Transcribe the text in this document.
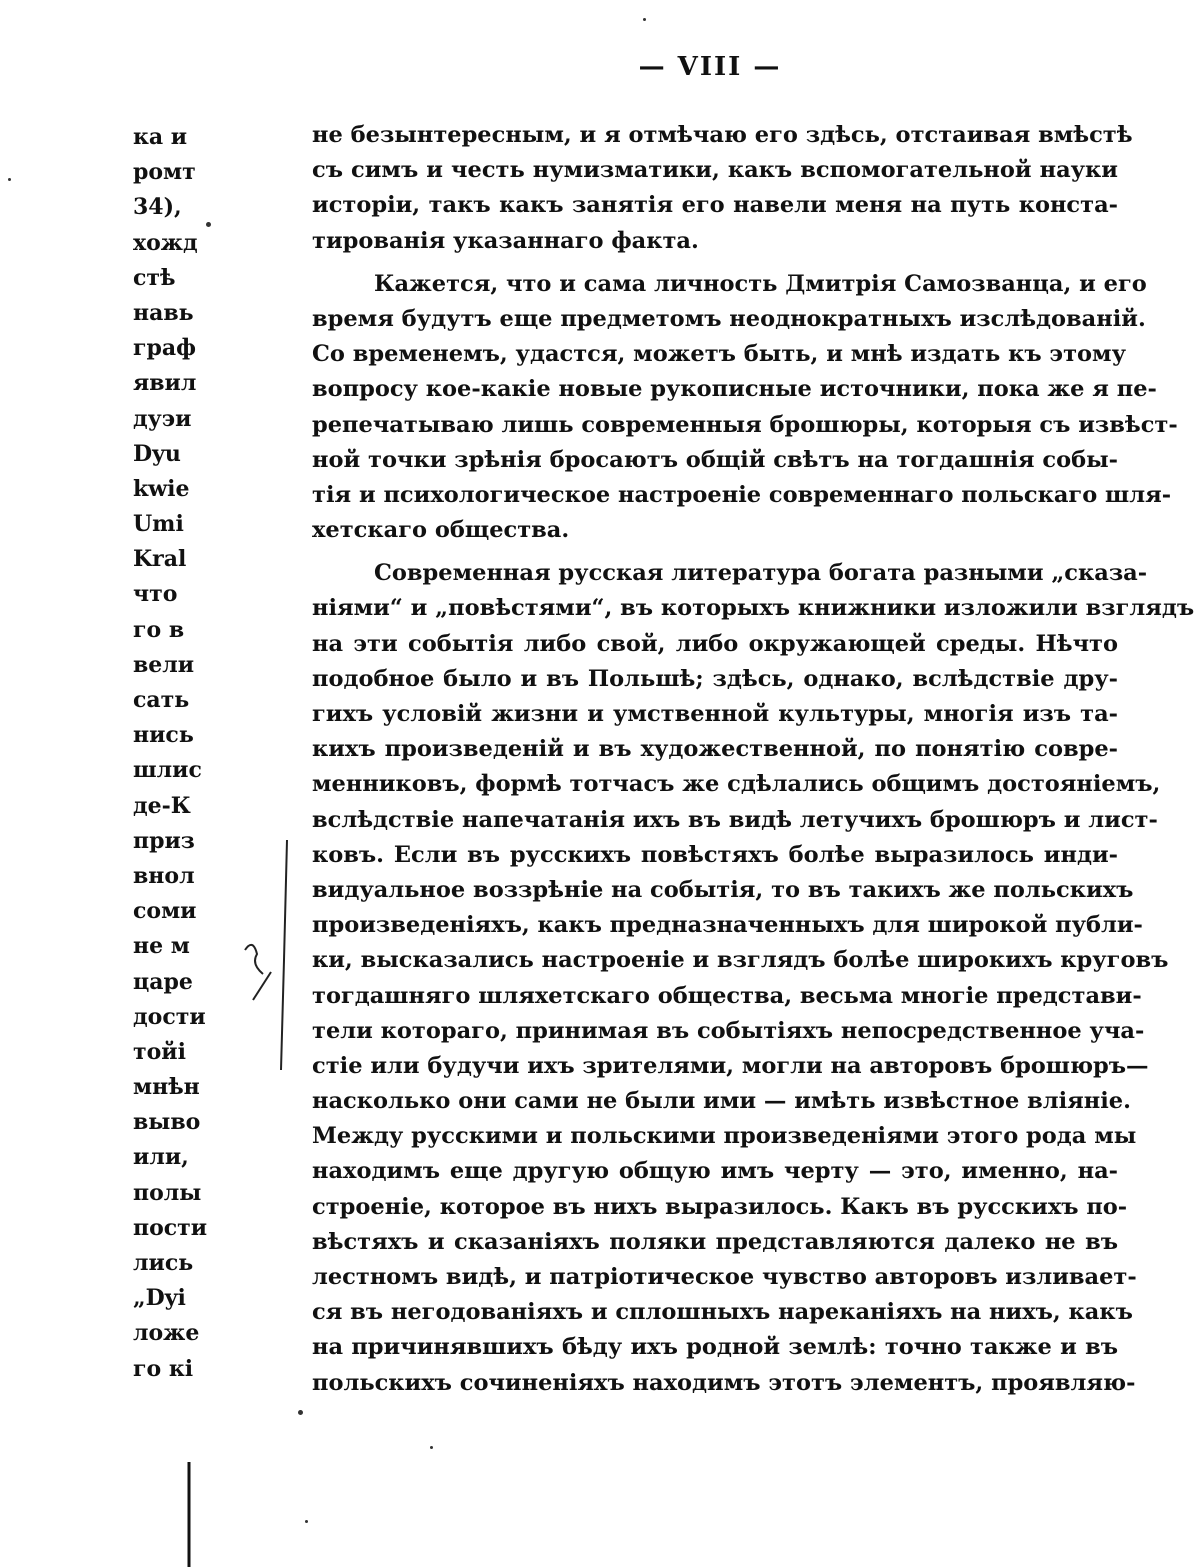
— VIII —
ка и
ромт
34),
хожд
стѣ
навь
граф
явил
дуэи
Dyu
kwie
Umi
Kral
что
го в
вели
сать
нись
шлис
де-К
приз
внол
соми
не м
царе
дости
тойі
мнѣн
выво
или,
полы
пости
лись
„Dyi
ложе
го кі
не безынтересным, и я отмѣчаю его здѣсь, отстаивая вмѣстѣ
съ симъ и честь нумизматики, какъ вспомогательной науки
исторіи, такъ какъ занятія его навели меня на путь конста-
тированія указаннаго факта.
Кажется, что и сама личность Дмитрія Самозванца, и его
время будутъ еще предметомъ неоднократныхъ изслѣдованій.
Со временемъ, удастся, можетъ быть, и мнѣ издать къ этому
вопросу кое-какіе новые рукописные источники, пока же я пе-
репечатываю лишь современныя брошюры, которыя съ извѣст-
ной точки зрѣнія бросаютъ общій свѣтъ на тогдашнія собы-
тія и психологическое настроеніе современнаго польскаго шля-
хетскаго общества.
Современная русская литература богата разными „сказа-
ніями“ и „повѣстями“, въ которыхъ книжники изложили взглядъ
на эти событія либо свой, либо окружающей среды. Нѣчто
подобное было и въ Польшѣ; здѣсь, однако, вслѣдствіе дру-
гихъ условій жизни и умственной культуры, многія изъ та-
кихъ произведеній и въ художественной, по понятію совре-
менниковъ, формѣ тотчасъ же сдѣлались общимъ достояніемъ,
вслѣдствіе напечатанія ихъ въ видѣ летучихъ брошюръ и лист-
ковъ. Если въ русскихъ повѣстяхъ болѣе выразилось инди-
видуальное воззрѣніе на событія, то въ такихъ же польскихъ
произведеніяхъ, какъ предназначенныхъ для широкой публи-
ки, высказались настроеніе и взглядъ болѣе широкихъ круговъ
тогдашняго шляхетскаго общества, весьма многіе представи-
тели котораго, принимая въ событіяхъ непосредственное уча-
стіе или будучи ихъ зрителями, могли на авторовъ брошюръ—
насколько они сами не были ими — имѣть извѣстное вліяніе.
Между русскими и польскими произведеніями этого рода мы
находимъ еще другую общую имъ черту — это, именно, на-
строеніе, которое въ нихъ выразилось. Какъ въ русскихъ по-
вѣстяхъ и сказаніяхъ поляки представляются далеко не въ
лестномъ видѣ, и патріотическое чувство авторовъ изливает-
ся въ негодованіяхъ и сплошныхъ нареканіяхъ на нихъ, какъ
на причинявшихъ бѣду ихъ родной землѣ: точно также и въ
польскихъ сочиненіяхъ находимъ этотъ элементъ, проявляю-
